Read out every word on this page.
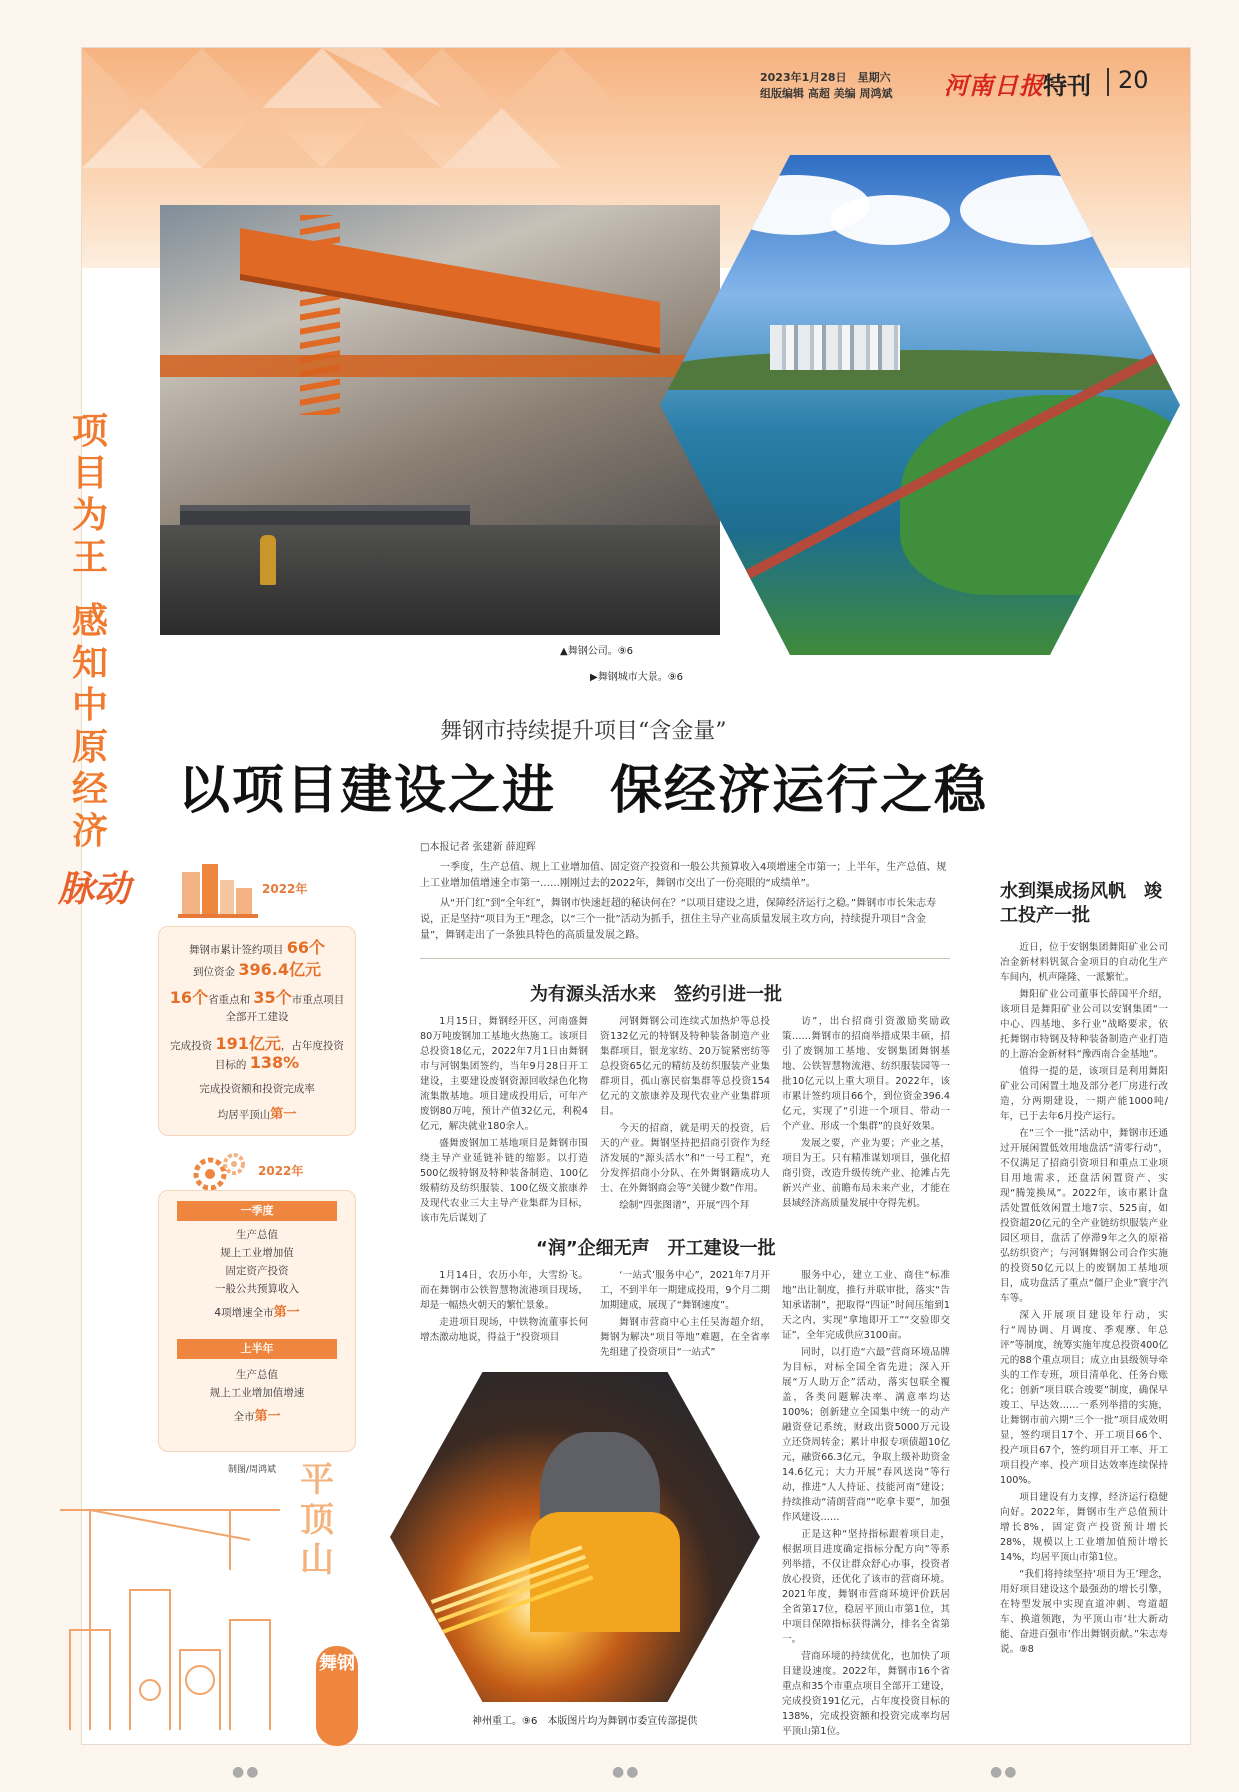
2023年1月28日　星期六
组版编辑 高超 美编 周鸿斌 河南日报 特刊 20
▲舞钢公司。⑨6
▶舞钢城市大景。⑨6
项目为王
感知中原经济
脉动
舞钢市持续提升项目“含金量”
以项目建设之进　保经济运行之稳
□本报记者 张建新 薛迎辉

一季度，生产总值、规上工业增加值、固定资产投资和一般公共预算收入4项增速全市第一；上半年，生产总值、规上工业增加值增速全市第一……刚刚过去的2022年，舞钢市交出了一份亮眼的“成绩单”。

从“开门红”到“全年红”，舞钢市快速赶超的秘诀何在？“以项目建设之进，保障经济运行之稳。”舞钢市市长朱志寿说，正是坚持“项目为王”理念，以“三个一批”活动为抓手，扭住主导产业高质量发展主攻方向，持续提升项目“含金量”，舞钢走出了一条独具特色的高质量发展之路。

为有源头活水来　签约引进一批

1月15日，舞钢经开区，河南盛舞80万吨废钢加工基地火热施工。该项目总投资18亿元，2022年7月1日由舞钢市与河钢集团签约，当年9月28日开工建设，主要建设废钢资源回收绿色化物流集散基地。项目建成投用后，可年产废钢80万吨，预计产值32亿元，利税4亿元，解决就业180余人。

盛舞废钢加工基地项目是舞钢市围绕主导产业延链补链的缩影。以打造500亿级特钢及特种装备制造、100亿级精纺及纺织服装、100亿级文旅康养及现代农业三大主导产业集群为目标，该市先后谋划了

河钢舞钢公司连续式加热炉等总投资132亿元的特钢及特种装备制造产业集群项目，银龙家纺、20万锭紧密纺等总投资65亿元的精纺及纺织服装产业集群项目，孤山寨民宿集群等总投资154亿元的文旅康养及现代农业产业集群项目。

今天的招商，就是明天的投资，后天的产业。舞钢坚持把招商引资作为经济发展的“源头活水”和“一号工程”，充分发挥招商小分队、在外舞钢籍成功人士、在外舞钢商会等“关键少数”作用。

绘制“四张图谱”，开展“四个拜

访”，出台招商引资激励奖励政策……舞钢市的招商举措成果丰硕，招引了废钢加工基地、安钢集团舞钢基地、公铁智慧物流港、纺织服装园等一批10亿元以上重大项目。2022年，该市累计签约项目66个，到位资金396.4亿元，实现了“引进一个项目、带动一个产业、形成一个集群”的良好效果。

发展之要，产业为要；产业之基，项目为王。只有精准谋划项目，强化招商引资，改造升级传统产业、抢滩占先新兴产业、前瞻布局未来产业，才能在县域经济高质量发展中夺得先机。

“润”企细无声　开工建设一批

1月14日，农历小年，大雪纷飞。而在舞钢市公铁智慧物流港项目现场，却是一幅热火朝天的繁忙景象。

走进项目现场，中铁物流董事长何增杰激动地说，得益于“投资项目

‘一站式’服务中心”，2021年7月开工，不到半年一期建成投用，9个月二期加期建成，展现了“舞钢速度”。

舞钢市营商中心主任吴海超介绍，舞钢为解决“项目等地”难题，在全省率先组建了投资项目“一站式”

服务中心，建立工业、商住“标准地”出让制度，推行并联审批，落实“告知承诺制”，把取得“四证”时间压缩到1天之内，实现“拿地即开工”“交验即交证”，全年完成供应3100亩。

同时，以打造“六最”营商环境品牌为目标，对标全国全省先进；深入开展“万人助万企”活动，落实包联全覆盖，各类问题解决率、满意率均达100%；创新建立全国集中统一的动产融资登记系统，财政出资5000万元设立还贷周转金；累计申报专项债超10亿元，融资66.3亿元，争取上级补助资金14.6亿元；大力开展“春风送岗”等行动，推进“人人持证、技能河南”建设；持续推动“清朗营商”“吃拿卡要”，加强作风建设……

正是这种“坚持指标跟着项目走，根据项目进度确定指标分配方向”等系列举措，不仅让群众舒心办事，投资者放心投资，还优化了该市的营商环境。2021年度，舞钢市营商环境评价跃居全省第17位，稳居平顶山市第1位，其中项目保障指标获得满分，排名全省第一。

营商环境的持续优化，也加快了项目建设速度。2022年，舞钢市16个省重点和35个市重点项目全部开工建设，完成投资191亿元，占年度投资目标的138%，完成投资额和投资完成率均居平顶山第1位。

神州重工。⑨6　本版图片均为舞钢市委宣传部提供
水到渠成扬风帆　竣工投产一批

近日，位于安钢集团舞阳矿业公司冶金新材料钒氮合金项目的自动化生产车间内，机声隆隆、一派繁忙。

舞阳矿业公司董事长薛国平介绍，该项目是舞阳矿业公司以安钢集团“一中心、四基地、多行业”战略要求，依托舞钢市特钢及特种装备制造产业打造的上游冶金新材料“豫西南合金基地”。

值得一提的是，该项目是利用舞阳矿业公司闲置土地及部分老厂房进行改造，分两期建设，一期产能1000吨/年，已于去年6月投产运行。

在“三个一批”活动中，舞钢市还通过开展闲置低效用地盘活“清零行动”，不仅满足了招商引资项目和重点工业项目用地需求，还盘活闲置资产、实现“腾笼换凤”。2022年，该市累计盘活处置低效闲置土地7宗、525亩，如投资超20亿元的全产业链纺织服装产业园区项目，盘活了停滞9年之久的原裕弘纺织资产；与河钢舞钢公司合作实施的投资50亿元以上的废钢加工基地项目，成功盘活了重点“僵尸企业”寰宇汽车等。

深入开展项目建设年行动，实行“周协调、月调度、季观摩、年总评”等制度，统筹实施年度总投资400亿元的88个重点项目；成立由县级领导牵头的工作专班，项目清单化、任务台账化；创新“项目联合竣要”制度，确保早竣工、早达效……一系列举措的实施，让舞钢市前六期“三个一批”项目成效明显，签约项目17个、开工项目66个、投产项目67个，签约项目开工率、开工项目投产率、投产项目达效率连续保持100%。

项目建设有力支撑，经济运行稳健向好。2022年，舞钢市生产总值预计增长8%，固定资产投资预计增长28%，规模以上工业增加值预计增长14%，均居平顶山市第1位。

“我们将持续坚持‘项目为王’理念，用好项目建设这个最强劲的增长引擎，在特型发展中实现直道冲刺、弯道超车、换道领跑，为平顶山市‘壮大新动能、奋进百强市’作出舞钢贡献。”朱志寿说。⑨8

2022年
舞钢市累计签约项目 66个
到位资金 396.4亿元
16个省重点和 35个市重点项目
全部开工建设
完成投资 191亿元，占年度投资
目标的 138%
完成投资额和投资完成率
均居平顶山第一
2022年
一季度
生产总值
规上工业增加值
固定资产投资
一般公共预算收入
4项增速全市第一
上半年
生产总值
规上工业增加值增速
全市第一
制图/周鸿斌 平顶山
舞钢
●●	●●	●●
